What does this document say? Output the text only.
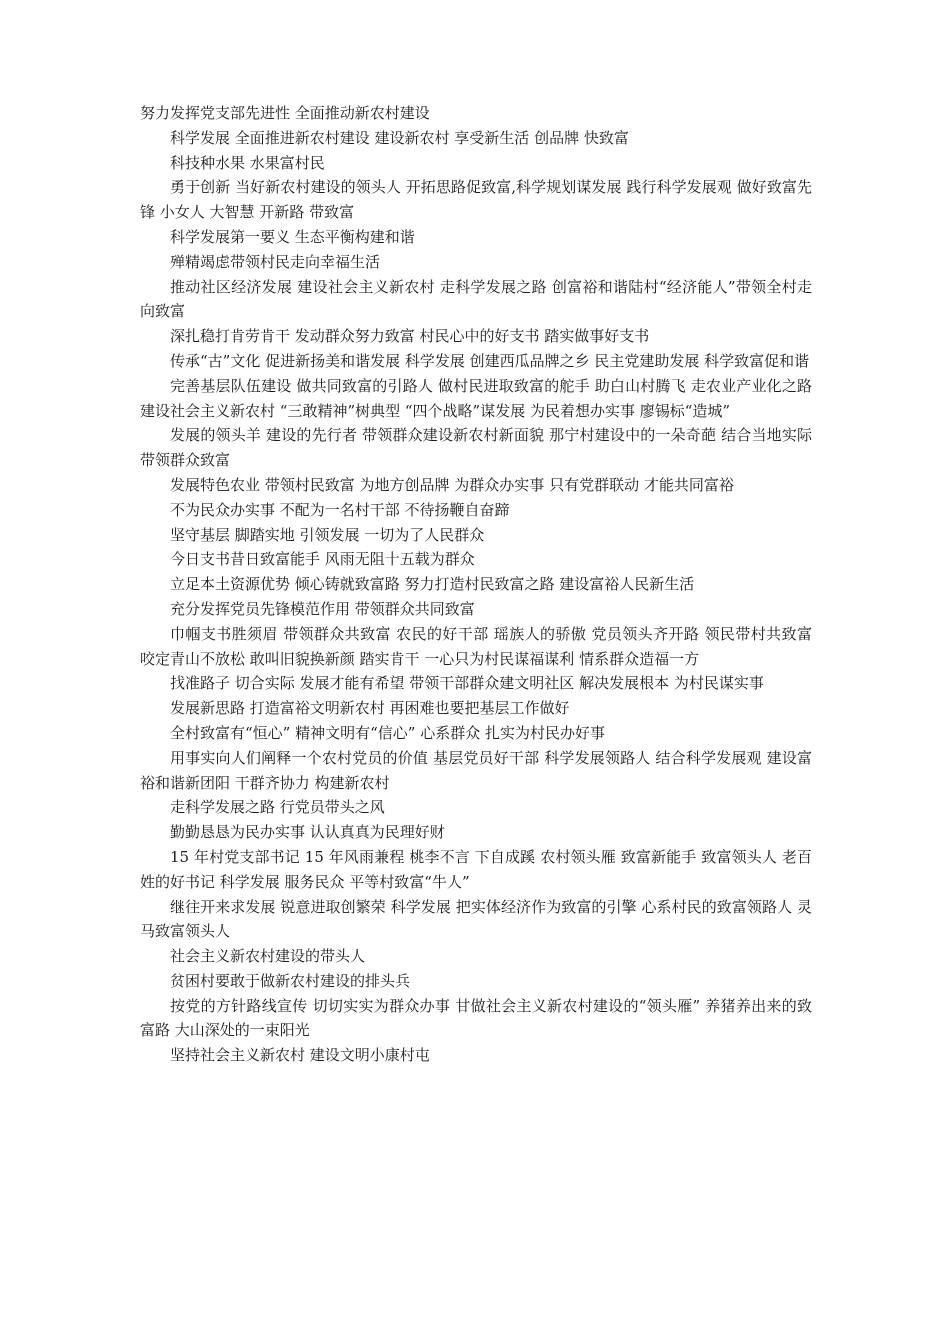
努力发挥党支部先进性 全面推动新农村建设

科学发展 全面推进新农村建设 建设新农村 享受新生活 创品牌 快致富

科技种水果 水果富村民

勇于创新 当好新农村建设的领头人 开拓思路促致富,科学规划谋发展 践行科学发展观 做好致富先锋 小女人 大智慧 开新路 带致富

科学发展第一要义 生态平衡构建和谐

殚精竭虑带领村民走向幸福生活

推动社区经济发展 建设社会主义新农村 走科学发展之路 创富裕和谐陆村“经济能人”带领全村走向致富

深扎稳打肯劳肯干 发动群众努力致富 村民心中的好支书 踏实做事好支书

传承“古”文化 促进新扬美和谐发展 科学发展 创建西瓜品牌之乡 民主党建助发展 科学致富促和谐

完善基层队伍建设 做共同致富的引路人 做村民进取致富的舵手 助白山村腾飞 走农业产业化之路 建设社会主义新农村 “三敢精神”树典型 “四个战略”谋发展 为民着想办实事 廖锡标“造城”

发展的领头羊 建设的先行者 带领群众建设新农村新面貌 那宁村建设中的一朵奇葩 结合当地实际 带领群众致富

发展特色农业 带领村民致富 为地方创品牌 为群众办实事 只有党群联动 才能共同富裕

不为民众办实事 不配为一名村干部 不待扬鞭自奋蹄

坚守基层 脚踏实地 引领发展 一切为了人民群众

今日支书昔日致富能手 风雨无阻十五载为群众

立足本土资源优势 倾心铸就致富路 努力打造村民致富之路 建设富裕人民新生活

充分发挥党员先锋模范作用 带领群众共同致富

巾帼支书胜须眉 带领群众共致富 农民的好干部 瑶族人的骄傲 党员领头齐开路 领民带村共致富 咬定青山不放松 敢叫旧貌换新颜 踏实肯干 一心只为村民谋福谋利 情系群众造福一方

找准路子 切合实际 发展才能有希望 带领干部群众建文明社区 解决发展根本 为村民谋实事

发展新思路 打造富裕文明新农村 再困难也要把基层工作做好

全村致富有“恒心” 精神文明有“信心” 心系群众 扎实为村民办好事

用事实向人们阐释一个农村党员的价值 基层党员好干部 科学发展领路人 结合科学发展观 建设富裕和谐新团阳 干群齐协力 构建新农村

走科学发展之路 行党员带头之风

勤勤恳恳为民办实事 认认真真为民理好财

15 年村党支部书记 15 年风雨兼程 桃李不言 下自成蹊 农村领头雁 致富新能手 致富领头人 老百姓的好书记 科学发展 服务民众 平等村致富“牛人”

继往开来求发展 锐意进取创繁荣 科学发展 把实体经济作为致富的引擎 心系村民的致富领路人 灵马致富领头人

社会主义新农村建设的带头人

贫困村要敢于做新农村建设的排头兵

按党的方针路线宣传 切切实实为群众办事 甘做社会主义新农村建设的“领头雁” 养猪养出来的致富路 大山深处的一束阳光

坚持社会主义新农村 建设文明小康村屯
